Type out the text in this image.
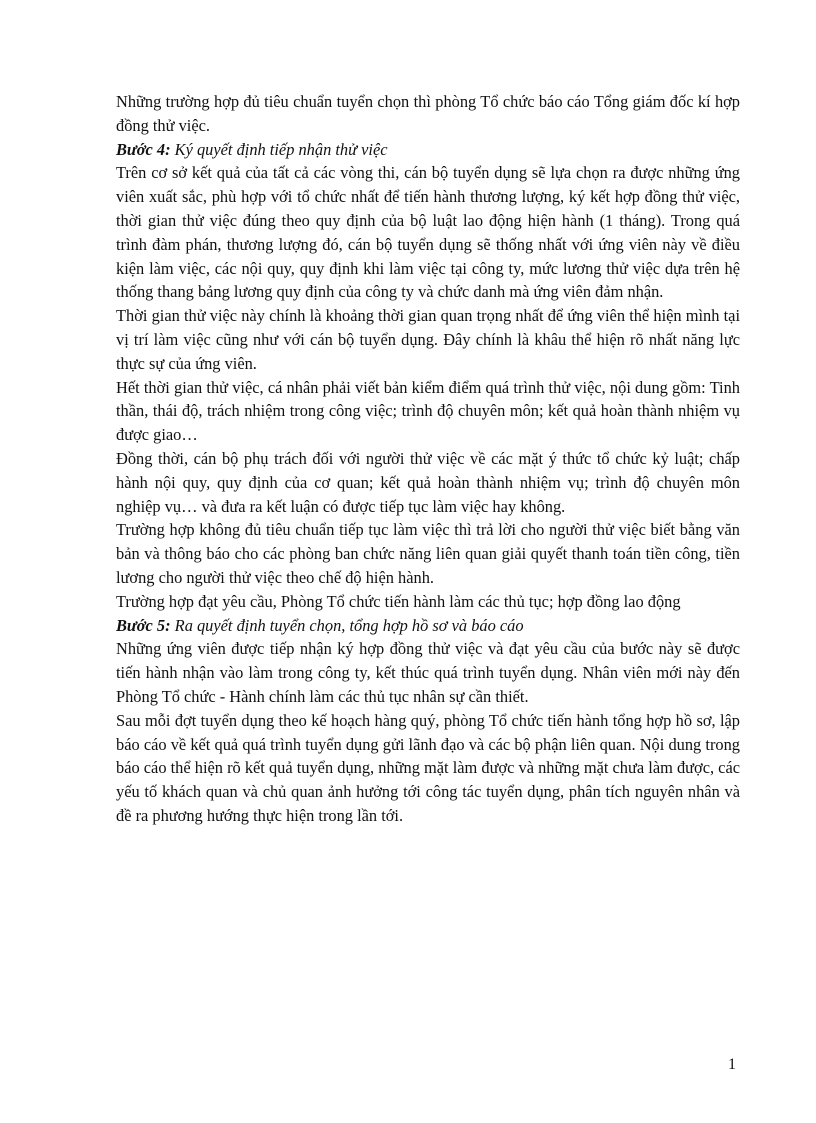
Những trường hợp đủ tiêu chuẩn tuyển chọn thì phòng Tổ chức báo cáo Tổng giám đốc kí hợp đồng thử việc.

Bước 4: Ký quyết định tiếp nhận thử việc

Trên cơ sở kết quả của tất cả các vòng thi, cán bộ tuyển dụng sẽ lựa chọn ra được những ứng viên xuất sắc, phù hợp với tổ chức nhất để tiến hành thương lượng, ký kết hợp đồng thử việc, thời gian thử việc đúng theo quy định của bộ luật lao động hiện hành (1 tháng). Trong quá trình đàm phán, thương lượng đó, cán bộ tuyển dụng sẽ thống nhất với ứng viên này về điều kiện làm việc, các nội quy, quy định khi làm việc tại công ty, mức lương thử việc dựa trên hệ thống thang bảng lương quy định của công ty và chức danh mà ứng viên đảm nhận.

Thời gian thử việc này chính là khoảng thời gian quan trọng nhất để ứng viên thể hiện mình tại vị trí làm việc cũng như với cán bộ tuyển dụng. Đây chính là khâu thể hiện rõ nhất năng lực thực sự của ứng viên.

Hết thời gian thử việc, cá nhân phải viết bản kiểm điểm quá trình thử việc, nội dung gồm: Tinh thần, thái độ, trách nhiệm trong công việc; trình độ chuyên môn; kết quả hoàn thành nhiệm vụ được giao…

Đồng thời, cán bộ phụ trách đối với người thử việc về các mặt ý thức tổ chức kỷ luật; chấp hành nội quy, quy định của cơ quan; kết quả hoàn thành nhiệm vụ; trình độ chuyên môn nghiệp vụ… và đưa ra kết luận có được tiếp tục làm việc hay không.

Trường hợp không đủ tiêu chuẩn tiếp tục làm việc thì trả lời cho người thử việc biết bằng văn bản và thông báo cho các phòng ban chức năng liên quan giải quyết thanh toán tiền công, tiền lương cho người thử việc theo chế độ hiện hành.

Trường hợp đạt yêu cầu, Phòng Tổ chức tiến hành làm các thủ tục; hợp đồng lao động

Bước 5: Ra quyết định tuyển chọn, tổng hợp hồ sơ và báo cáo

Những ứng viên được tiếp nhận ký hợp đồng thử việc và đạt yêu cầu của bước này sẽ được tiến hành nhận vào làm trong công ty, kết thúc quá trình tuyển dụng. Nhân viên mới này đến Phòng Tổ chức - Hành chính làm các thủ tục nhân sự cần thiết.

Sau mỗi đợt tuyển dụng theo kế hoạch hàng quý, phòng Tổ chức tiến hành tổng hợp hồ sơ, lập báo cáo về kết quả quá trình tuyển dụng gửi lãnh đạo và các bộ phận liên quan. Nội dung trong báo cáo thể hiện rõ kết quả tuyển dụng, những mặt làm được và những mặt chưa làm được, các yếu tố khách quan và chủ quan ảnh hưởng tới công tác tuyển dụng, phân tích nguyên nhân và đề ra phương hướng thực hiện trong lần tới.

1
